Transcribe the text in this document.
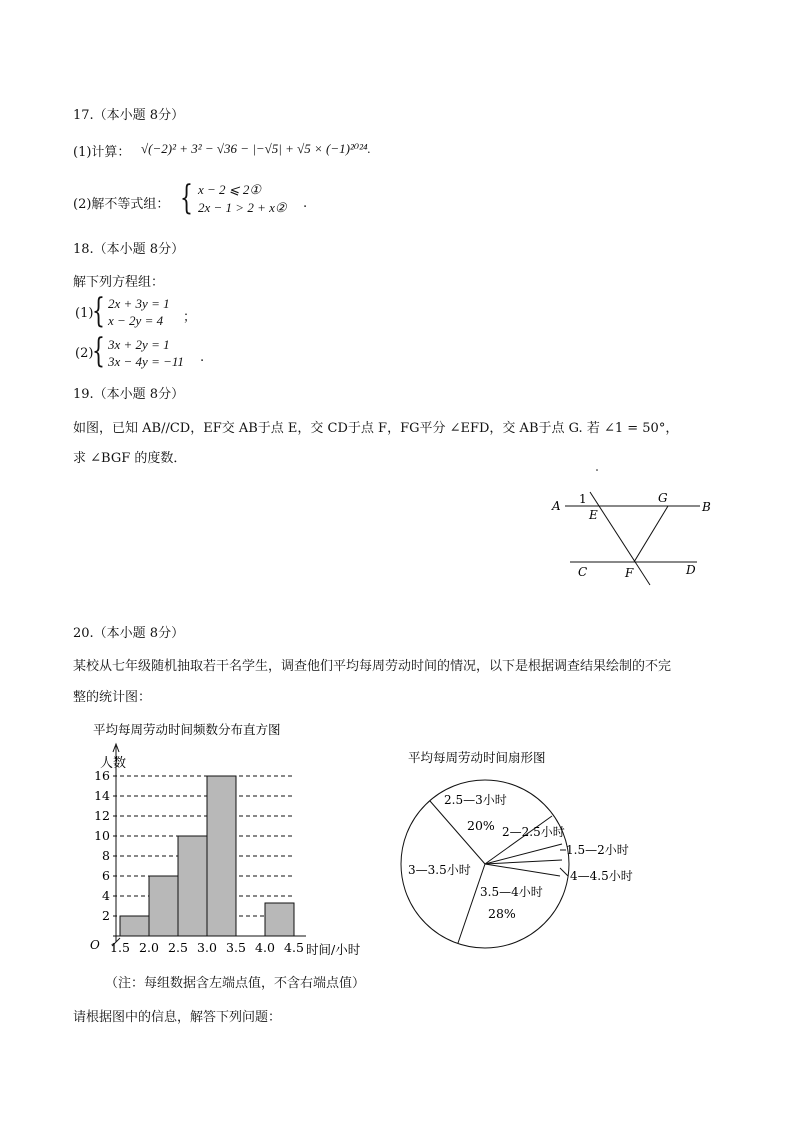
17.（本小题 8分）
(1)计算： √(−2)² + 3² − √36 − |−√5| + √5 × (−1)²⁰²⁴.
(2)解不等式组： { x − 2 ⩽ 2①
2x − 1 > 2 + x② .
18.（本小题 8分）
解下列方程组：
(1)
{ 2x + 3y = 1
x − 2y = 4 ；
(2)
{ 3x + 2y = 1
3x − 4y = −11 .
19.（本小题 8分）
如图，已知 AB//CD，EF交 AB于点 E，交 CD于点 F，FG平分 ∠EFD，交 AB于点 G. 若 ∠1 = 50°，
求 ∠BGF 的度数．
A	B
C	D
E
F
G
1
20.（本小题 8分）
某校从七年级随机抽取若干名学生，调查他们平均每周劳动时间的情况，以下是根据调查结果绘制的不完
整的统计图：
平均每周劳动时间频数分布直方图
人数
时间/小时
O
2
4
6
8
10
12
14
16
1.5 2.0 2.5 3.0 3.5 4.0 4.5
平均每周劳动时间扇形图
2.5—3小时
20% 2—2.5小时
1.5—2小时
4—4.5小时
3.5—4小时
28%
3—3.5小时
（注：每组数据含左端点值，不含右端点值）
请根据图中的信息，解答下列问题：
